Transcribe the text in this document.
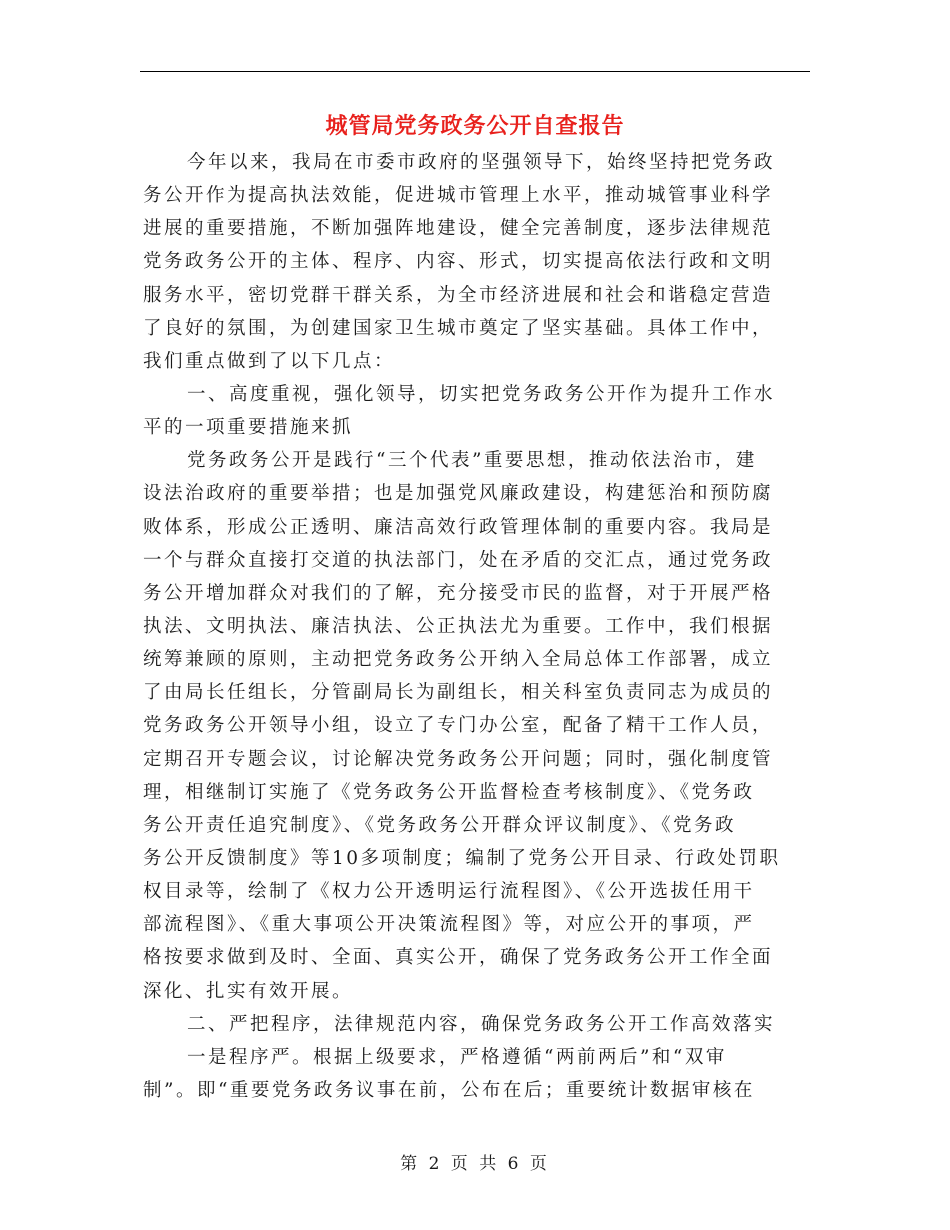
城管局党务政务公开自查报告
今年以来，我局在市委市政府的坚强领导下，始终坚持把党务政
务公开作为提高执法效能，促进城市管理上水平，推动城管事业科学
进展的重要措施，不断加强阵地建设，健全完善制度，逐步法律规范
党务政务公开的主体、程序、内容、形式，切实提高依法行政和文明
服务水平，密切党群干群关系，为全市经济进展和社会和谐稳定营造
了良好的氛围，为创建国家卫生城市奠定了坚实基础。具体工作中，
我们重点做到了以下几点：
一、高度重视，强化领导，切实把党务政务公开作为提升工作水
平的一项重要措施来抓
党务政务公开是践行“三个代表”重要思想，推动依法治市，建
设法治政府的重要举措；也是加强党风廉政建设，构建惩治和预防腐
败体系，形成公正透明、廉洁高效行政管理体制的重要内容。我局是
一个与群众直接打交道的执法部门，处在矛盾的交汇点，通过党务政
务公开增加群众对我们的了解，充分接受市民的监督，对于开展严格
执法、文明执法、廉洁执法、公正执法尤为重要。工作中，我们根据
统筹兼顾的原则，主动把党务政务公开纳入全局总体工作部署，成立
了由局长任组长，分管副局长为副组长，相关科室负责同志为成员的
党务政务公开领导小组，设立了专门办公室，配备了精干工作人员，
定期召开专题会议，讨论解决党务政务公开问题；同时，强化制度管
理，相继制订实施了《党务政务公开监督检查考核制度》、《党务政
务公开责任追究制度》、《党务政务公开群众评议制度》、《党务政
务公开反馈制度》等10多项制度；编制了党务公开目录、行政处罚职
权目录等，绘制了《权力公开透明运行流程图》、《公开选拔任用干
部流程图》、《重大事项公开决策流程图》等，对应公开的事项，严
格按要求做到及时、全面、真实公开，确保了党务政务公开工作全面
深化、扎实有效开展。
二、严把程序，法律规范内容，确保党务政务公开工作高效落实
一是程序严。根据上级要求，严格遵循“两前两后”和“双审
制”。即“重要党务政务议事在前，公布在后；重要统计数据审核在
第 2 页 共 6 页
